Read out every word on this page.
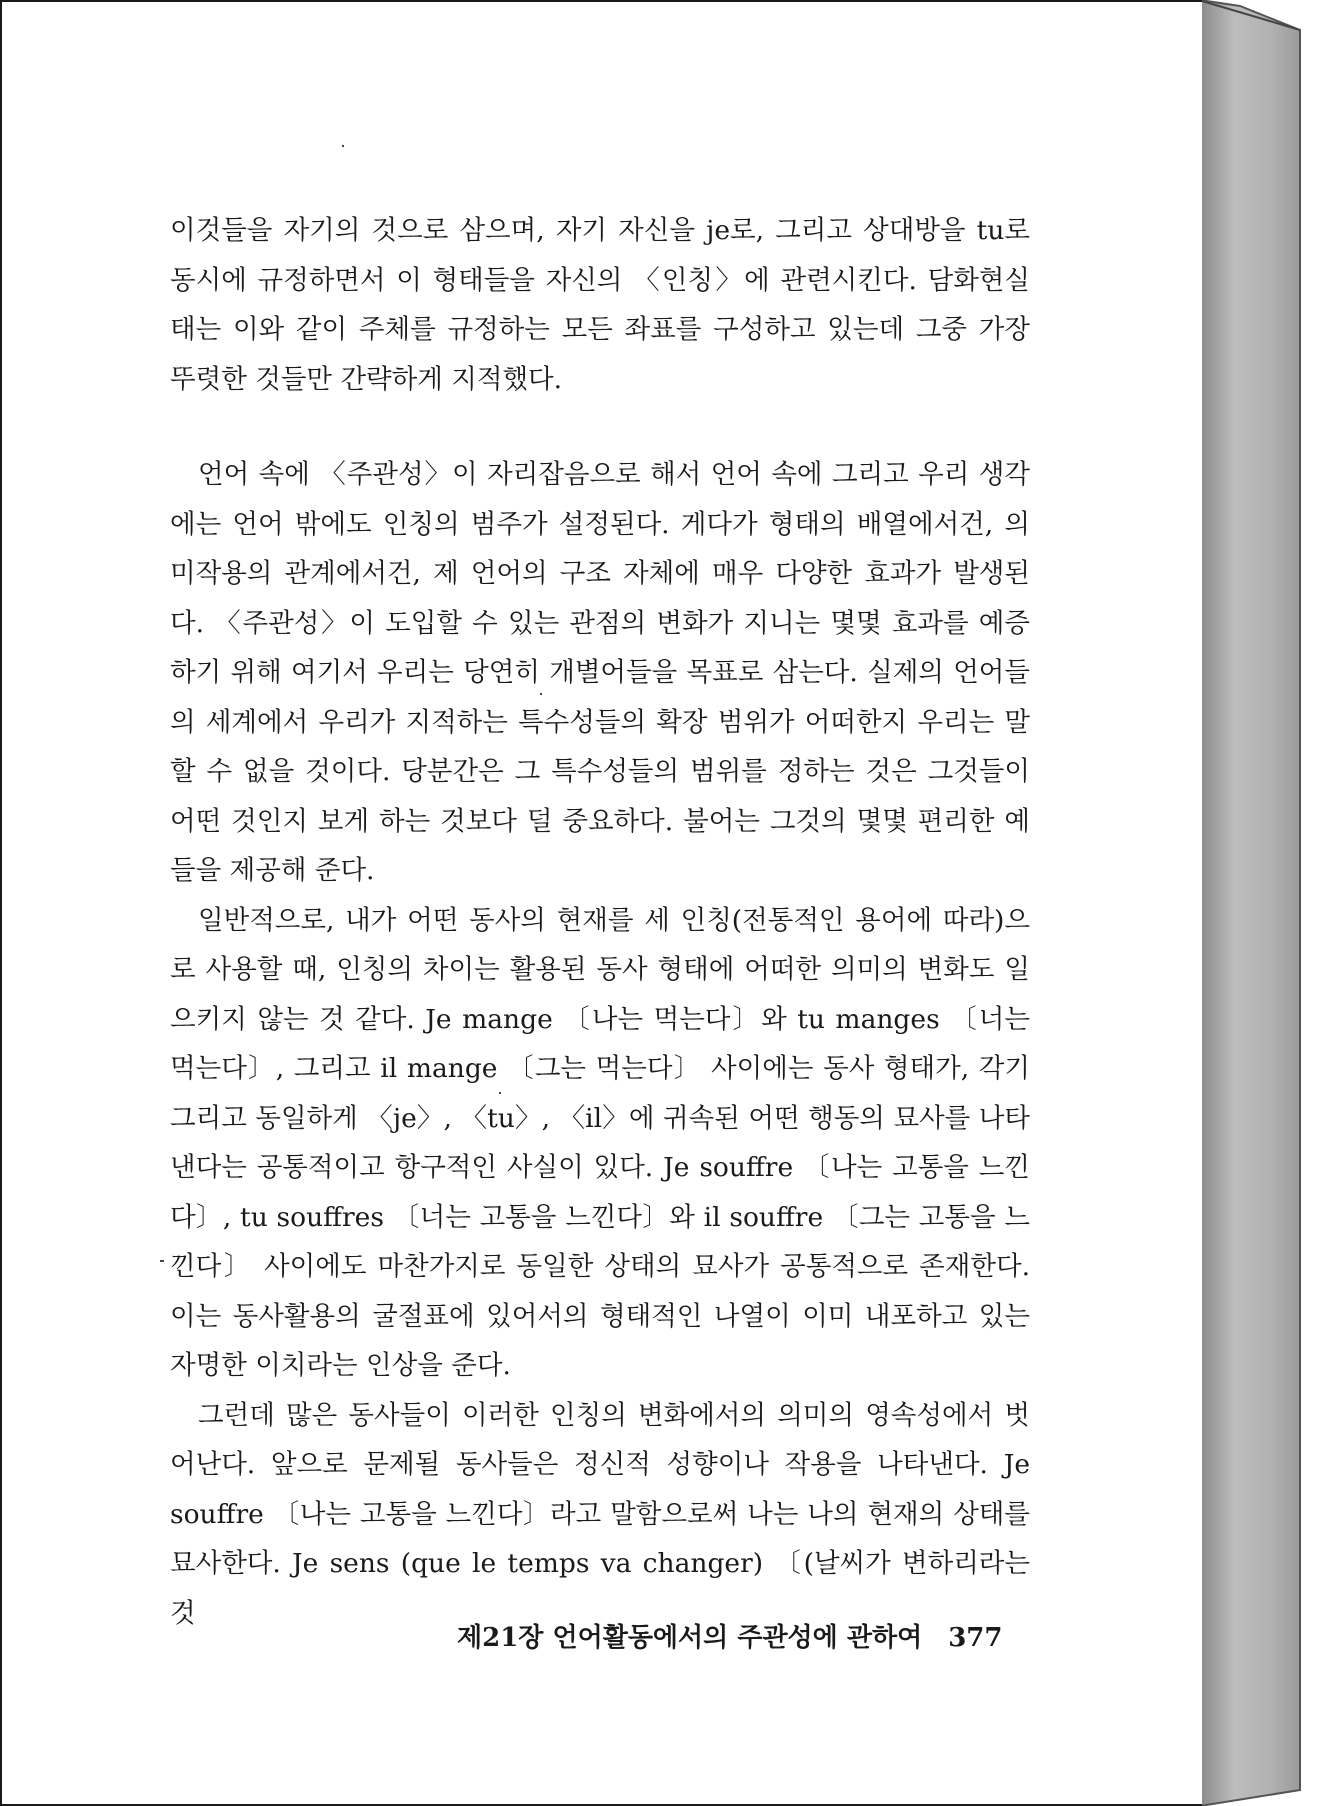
이것들을 자기의 것으로 삼으며, 자기 자신을 je로, 그리고 상대방을 tu로 동시에 규정하면서 이 형태들을 자신의 〈인칭〉에 관련시킨다. 담화현실태는 이와 같이 주체를 규정하는 모든 좌표를 구성하고 있는데 그중 가장 뚜렷한 것들만 간략하게 지적했다.

언어 속에 〈주관성〉이 자리잡음으로 해서 언어 속에 그리고 우리 생각에는 언어 밖에도 인칭의 범주가 설정된다. 게다가 형태의 배열에서건, 의미작용의 관계에서건, 제 언어의 구조 자체에 매우 다양한 효과가 발생된다. 〈주관성〉이 도입할 수 있는 관점의 변화가 지니는 몇몇 효과를 예증하기 위해 여기서 우리는 당연히 개별어들을 목표로 삼는다. 실제의 언어들의 세계에서 우리가 지적하는 특수성들의 확장 범위가 어떠한지 우리는 말할 수 없을 것이다. 당분간은 그 특수성들의 범위를 정하는 것은 그것들이 어떤 것인지 보게 하는 것보다 덜 중요하다. 불어는 그것의 몇몇 편리한 예들을 제공해 준다.

일반적으로, 내가 어떤 동사의 현재를 세 인칭(전통적인 용어에 따라)으로 사용할 때, 인칭의 차이는 활용된 동사 형태에 어떠한 의미의 변화도 일으키지 않는 것 같다. Je mange 〔나는 먹는다〕와 tu manges 〔너는 먹는다〕, 그리고 il mange 〔그는 먹는다〕 사이에는 동사 형태가, 각기 그리고 동일하게 〈je〉, 〈tu〉, 〈il〉에 귀속된 어떤 행동의 묘사를 나타낸다는 공통적이고 항구적인 사실이 있다. Je souffre 〔나는 고통을 느낀다〕, tu souffres 〔너는 고통을 느낀다〕와 il souffre 〔그는 고통을 느낀다〕 사이에도 마찬가지로 동일한 상태의 묘사가 공통적으로 존재한다. 이는 동사활용의 굴절표에 있어서의 형태적인 나열이 이미 내포하고 있는 자명한 이치라는 인상을 준다.

그런데 많은 동사들이 이러한 인칭의 변화에서의 의미의 영속성에서 벗어난다. 앞으로 문제될 동사들은 정신적 성향이나 작용을 나타낸다. Je souffre 〔나는 고통을 느낀다〕라고 말함으로써 나는 나의 현재의 상태를 묘사한다. Je sens (que le temps va changer) 〔(날씨가 변하리라는 것

제21장 언어활동에서의 주관성에 관하여 377
